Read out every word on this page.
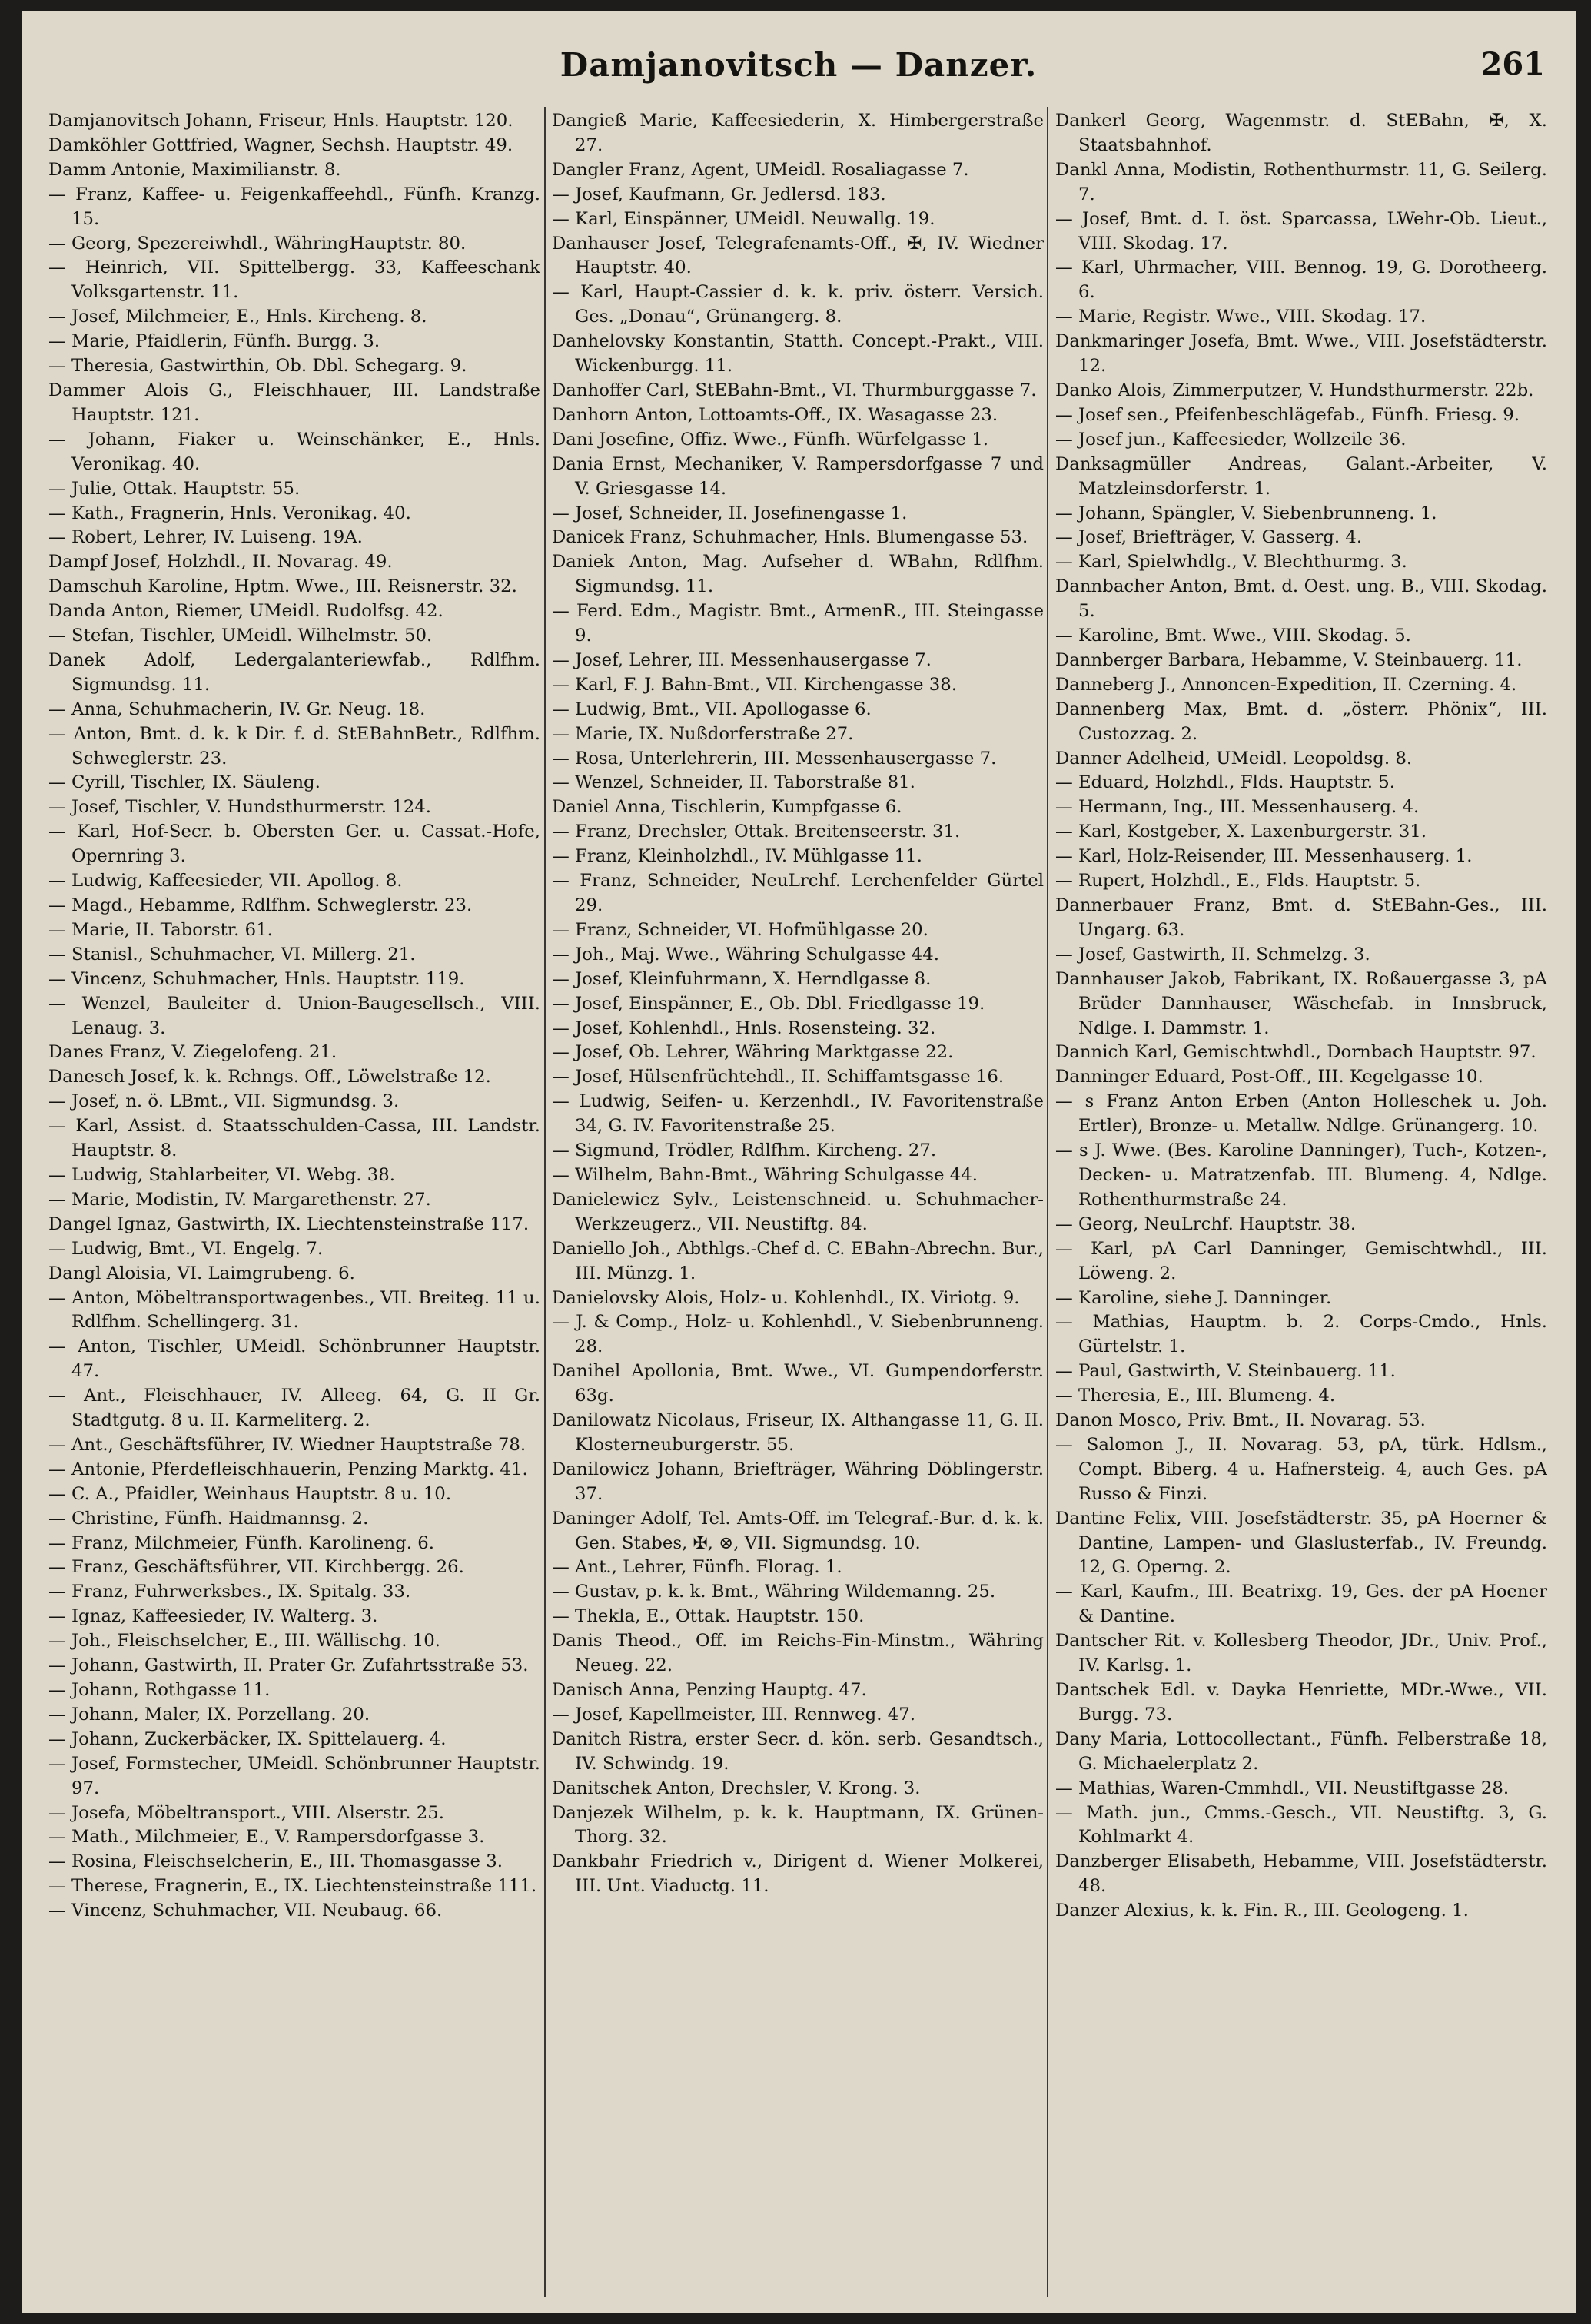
Damjanovitsch — Danzer.	261

Damjanovitsch Johann, Friseur, Hnls. Hauptstr. 120.

Damköhler Gottfried, Wagner, Sechsh. Hauptstr. 49.

Damm Antonie, Maximilianstr. 8.

— Franz, Kaffee- u. Feigenkaffeehdl., Fünfh. Kranzg. 15.

— Georg, Spezereiwhdl., WähringHauptstr. 80.

— Heinrich, VII. Spittelbergg. 33, Kaffeeschank Volksgartenstr. 11.

— Josef, Milchmeier, E., Hnls. Kircheng. 8.

— Marie, Pfaidlerin, Fünfh. Burgg. 3.

— Theresia, Gastwirthin, Ob. Dbl. Schegarg. 9.

Dammer Alois G., Fleischhauer, III. Landstraße Hauptstr. 121.

— Johann, Fiaker u. Weinschänker, E., Hnls. Veronikag. 40.

— Julie, Ottak. Hauptstr. 55.

— Kath., Fragnerin, Hnls. Veronikag. 40.

— Robert, Lehrer, IV. Luiseng. 19A.

Dampf Josef, Holzhdl., II. Novarag. 49.

Damschuh Karoline, Hptm. Wwe., III. Reisnerstr. 32.

Danda Anton, Riemer, UMeidl. Rudolfsg. 42.

— Stefan, Tischler, UMeidl. Wilhelmstr. 50.

Danek Adolf, Ledergalanteriewfab., Rdlfhm. Sigmundsg. 11.

— Anna, Schuhmacherin, IV. Gr. Neug. 18.

— Anton, Bmt. d. k. k Dir. f. d. StEBahnBetr., Rdlfhm. Schweglerstr. 23.

— Cyrill, Tischler, IX. Säuleng.

— Josef, Tischler, V. Hundsthurmerstr. 124.

— Karl, Hof-Secr. b. Obersten Ger. u. Cassat.-Hofe, Opernring 3.

— Ludwig, Kaffeesieder, VII. Apollog. 8.

— Magd., Hebamme, Rdlfhm. Schweglerstr. 23.

— Marie, II. Taborstr. 61.

— Stanisl., Schuhmacher, VI. Millerg. 21.

— Vincenz, Schuhmacher, Hnls. Hauptstr. 119.

— Wenzel, Bauleiter d. Union-Baugesellsch., VIII. Lenaug. 3.

Danes Franz, V. Ziegelofeng. 21.

Danesch Josef, k. k. Rchngs. Off., Löwelstraße 12.

— Josef, n. ö. LBmt., VII. Sigmundsg. 3.

— Karl, Assist. d. Staatsschulden-Cassa, III. Landstr. Hauptstr. 8.

— Ludwig, Stahlarbeiter, VI. Webg. 38.

— Marie, Modistin, IV. Margarethenstr. 27.

Dangel Ignaz, Gastwirth, IX. Liechtensteinstraße 117.

— Ludwig, Bmt., VI. Engelg. 7.

Dangl Aloisia, VI. Laimgrubeng. 6.

— Anton, Möbeltransportwagenbes., VII. Breiteg. 11 u. Rdlfhm. Schellingerg. 31.

— Anton, Tischler, UMeidl. Schönbrunner Hauptstr. 47.

— Ant., Fleischhauer, IV. Alleeg. 64, G. II Gr. Stadtgutg. 8 u. II. Karmeliterg. 2.

— Ant., Geschäftsführer, IV. Wiedner Hauptstraße 78.

— Antonie, Pferdefleischhauerin, Penzing Marktg. 41.

— C. A., Pfaidler, Weinhaus Hauptstr. 8 u. 10.

— Christine, Fünfh. Haidmannsg. 2.

— Franz, Milchmeier, Fünfh. Karolineng. 6.

— Franz, Geschäftsführer, VII. Kirchbergg. 26.

— Franz, Fuhrwerksbes., IX. Spitalg. 33.

— Ignaz, Kaffeesieder, IV. Walterg. 3.

— Joh., Fleischselcher, E., III. Wällischg. 10.

— Johann, Gastwirth, II. Prater Gr. Zufahrtsstraße 53.

— Johann, Rothgasse 11.

— Johann, Maler, IX. Porzellang. 20.

— Johann, Zuckerbäcker, IX. Spittelauerg. 4.

— Josef, Formstecher, UMeidl. Schönbrunner Hauptstr. 97.

— Josefa, Möbeltransport., VIII. Alserstr. 25.

— Math., Milchmeier, E., V. Rampersdorfgasse 3.

— Rosina, Fleischselcherin, E., III. Thomasgasse 3.

— Therese, Fragnerin, E., IX. Liechtensteinstraße 111.

— Vincenz, Schuhmacher, VII. Neubaug. 66.

Dangieß Marie, Kaffeesiederin, X. Himbergerstraße 27.

Dangler Franz, Agent, UMeidl. Rosaliagasse 7.

— Josef, Kaufmann, Gr. Jedlersd. 183.

— Karl, Einspänner, UMeidl. Neuwallg. 19.

Danhauser Josef, Telegrafenamts-Off., ✠, IV. Wiedner Hauptstr. 40.

— Karl, Haupt-Cassier d. k. k. priv. österr. Versich. Ges. „Donau“, Grünangerg. 8.

Danhelovsky Konstantin, Statth. Concept.-Prakt., VIII. Wickenburgg. 11.

Danhoffer Carl, StEBahn-Bmt., VI. Thurmburggasse 7.

Danhorn Anton, Lottoamts-Off., IX. Wasagasse 23.

Dani Josefine, Offiz. Wwe., Fünfh. Würfelgasse 1.

Dania Ernst, Mechaniker, V. Rampersdorfgasse 7 und V. Griesgasse 14.

— Josef, Schneider, II. Josefinengasse 1.

Danicek Franz, Schuhmacher, Hnls. Blumengasse 53.

Daniek Anton, Mag. Aufseher d. WBahn, Rdlfhm. Sigmundsg. 11.

— Ferd. Edm., Magistr. Bmt., ArmenR., III. Steingasse 9.

— Josef, Lehrer, III. Messenhausergasse 7.

— Karl, F. J. Bahn-Bmt., VII. Kirchengasse 38.

— Ludwig, Bmt., VII. Apollogasse 6.

— Marie, IX. Nußdorferstraße 27.

— Rosa, Unterlehrerin, III. Messenhausergasse 7.

— Wenzel, Schneider, II. Taborstraße 81.

Daniel Anna, Tischlerin, Kumpfgasse 6.

— Franz, Drechsler, Ottak. Breitenseerstr. 31.

— Franz, Kleinholzhdl., IV. Mühlgasse 11.

— Franz, Schneider, NeuLrchf. Lerchenfelder Gürtel 29.

— Franz, Schneider, VI. Hofmühlgasse 20.

— Joh., Maj. Wwe., Währing Schulgasse 44.

— Josef, Kleinfuhrmann, X. Herndlgasse 8.

— Josef, Einspänner, E., Ob. Dbl. Friedlgasse 19.

— Josef, Kohlenhdl., Hnls. Rosensteing. 32.

— Josef, Ob. Lehrer, Währing Marktgasse 22.

— Josef, Hülsenfrüchtehdl., II. Schiffamtsgasse 16.

— Ludwig, Seifen- u. Kerzenhdl., IV. Favoritenstraße 34, G. IV. Favoritenstraße 25.

— Sigmund, Trödler, Rdlfhm. Kircheng. 27.

— Wilhelm, Bahn-Bmt., Währing Schulgasse 44.

Danielewicz Sylv., Leistenschneid. u. Schuhmacher-Werkzeugerz., VII. Neustiftg. 84.

Daniello Joh., Abthlgs.-Chef d. C. EBahn-Abrechn. Bur., III. Münzg. 1.

Danielovsky Alois, Holz- u. Kohlenhdl., IX. Viriotg. 9.

— J. & Comp., Holz- u. Kohlenhdl., V. Siebenbrunneng. 28.

Danihel Apollonia, Bmt. Wwe., VI. Gumpendorferstr. 63g.

Danilowatz Nicolaus, Friseur, IX. Althangasse 11, G. II. Klosterneuburgerstr. 55.

Danilowicz Johann, Briefträger, Währing Döblingerstr. 37.

Daninger Adolf, Tel. Amts-Off. im Telegraf.-Bur. d. k. k. Gen. Stabes, ✠, ⊗, VII. Sigmundsg. 10.

— Ant., Lehrer, Fünfh. Florag. 1.

— Gustav, p. k. k. Bmt., Währing Wildemanng. 25.

— Thekla, E., Ottak. Hauptstr. 150.

Danis Theod., Off. im Reichs-Fin-Minstm., Währing Neueg. 22.

Danisch Anna, Penzing Hauptg. 47.

— Josef, Kapellmeister, III. Rennweg. 47.

Danitch Ristra, erster Secr. d. kön. serb. Gesandtsch., IV. Schwindg. 19.

Danitschek Anton, Drechsler, V. Krong. 3.

Danjezek Wilhelm, p. k. k. Hauptmann, IX. Grünen-Thorg. 32.

Dankbahr Friedrich v., Dirigent d. Wiener Molkerei, III. Unt. Viaductg. 11.

Dankerl Georg, Wagenmstr. d. StEBahn, ✠, X. Staatsbahnhof.

Dankl Anna, Modistin, Rothenthurmstr. 11, G. Seilerg. 7.

— Josef, Bmt. d. I. öst. Sparcassa, LWehr-Ob. Lieut., VIII. Skodag. 17.

— Karl, Uhrmacher, VIII. Bennog. 19, G. Dorotheerg. 6.

— Marie, Registr. Wwe., VIII. Skodag. 17.

Dankmaringer Josefa, Bmt. Wwe., VIII. Josefstädterstr. 12.

Danko Alois, Zimmerputzer, V. Hundsthurmerstr. 22b.

— Josef sen., Pfeifenbeschlägefab., Fünfh. Friesg. 9.

— Josef jun., Kaffeesieder, Wollzeile 36.

Danksagmüller Andreas, Galant.-Arbeiter, V. Matzleinsdorferstr. 1.

— Johann, Spängler, V. Siebenbrunneng. 1.

— Josef, Briefträger, V. Gasserg. 4.

— Karl, Spielwhdlg., V. Blechthurmg. 3.

Dannbacher Anton, Bmt. d. Oest. ung. B., VIII. Skodag. 5.

— Karoline, Bmt. Wwe., VIII. Skodag. 5.

Dannberger Barbara, Hebamme, V. Steinbauerg. 11.

Danneberg J., Annoncen-Expedition, II. Czerning. 4.

Dannenberg Max, Bmt. d. „österr. Phönix“, III. Custozzag. 2.

Danner Adelheid, UMeidl. Leopoldsg. 8.

— Eduard, Holzhdl., Flds. Hauptstr. 5.

— Hermann, Ing., III. Messenhauserg. 4.

— Karl, Kostgeber, X. Laxenburgerstr. 31.

— Karl, Holz-Reisender, III. Messenhauserg. 1.

— Rupert, Holzhdl., E., Flds. Hauptstr. 5.

Dannerbauer Franz, Bmt. d. StEBahn-Ges., III. Ungarg. 63.

— Josef, Gastwirth, II. Schmelzg. 3.

Dannhauser Jakob, Fabrikant, IX. Roßauergasse 3, pA Brüder Dannhauser, Wäschefab. in Innsbruck, Ndlge. I. Dammstr. 1.

Dannich Karl, Gemischtwhdl., Dornbach Hauptstr. 97.

Danninger Eduard, Post-Off., III. Kegelgasse 10.

— s Franz Anton Erben (Anton Holleschek u. Joh. Ertler), Bronze- u. Metallw. Ndlge. Grünangerg. 10.

— s J. Wwe. (Bes. Karoline Danninger), Tuch-, Kotzen-, Decken- u. Matratzenfab. III. Blumeng. 4, Ndlge. Rothenthurmstraße 24.

— Georg, NeuLrchf. Hauptstr. 38.

— Karl, pA Carl Danninger, Gemischtwhdl., III. Löweng. 2.

— Karoline, siehe J. Danninger.

— Mathias, Hauptm. b. 2. Corps-Cmdo., Hnls. Gürtelstr. 1.

— Paul, Gastwirth, V. Steinbauerg. 11.

— Theresia, E., III. Blumeng. 4.

Danon Mosco, Priv. Bmt., II. Novarag. 53.

— Salomon J., II. Novarag. 53, pA, türk. Hdlsm., Compt. Biberg. 4 u. Hafnersteig. 4, auch Ges. pA Russo & Finzi.

Dantine Felix, VIII. Josefstädterstr. 35, pA Hoerner & Dantine, Lampen- und Glaslusterfab., IV. Freundg. 12, G. Operng. 2.

— Karl, Kaufm., III. Beatrixg. 19, Ges. der pA Hoener & Dantine.

Dantscher Rit. v. Kollesberg Theodor, JDr., Univ. Prof., IV. Karlsg. 1.

Dantschek Edl. v. Dayka Henriette, MDr.-Wwe., VII. Burgg. 73.

Dany Maria, Lottocollectant., Fünfh. Felberstraße 18, G. Michaelerplatz 2.

— Mathias, Waren-Cmmhdl., VII. Neustiftgasse 28.

— Math. jun., Cmms.-Gesch., VII. Neustiftg. 3, G. Kohlmarkt 4.

Danzberger Elisabeth, Hebamme, VIII. Josefstädterstr. 48.

Danzer Alexius, k. k. Fin. R., III. Geologeng. 1.
